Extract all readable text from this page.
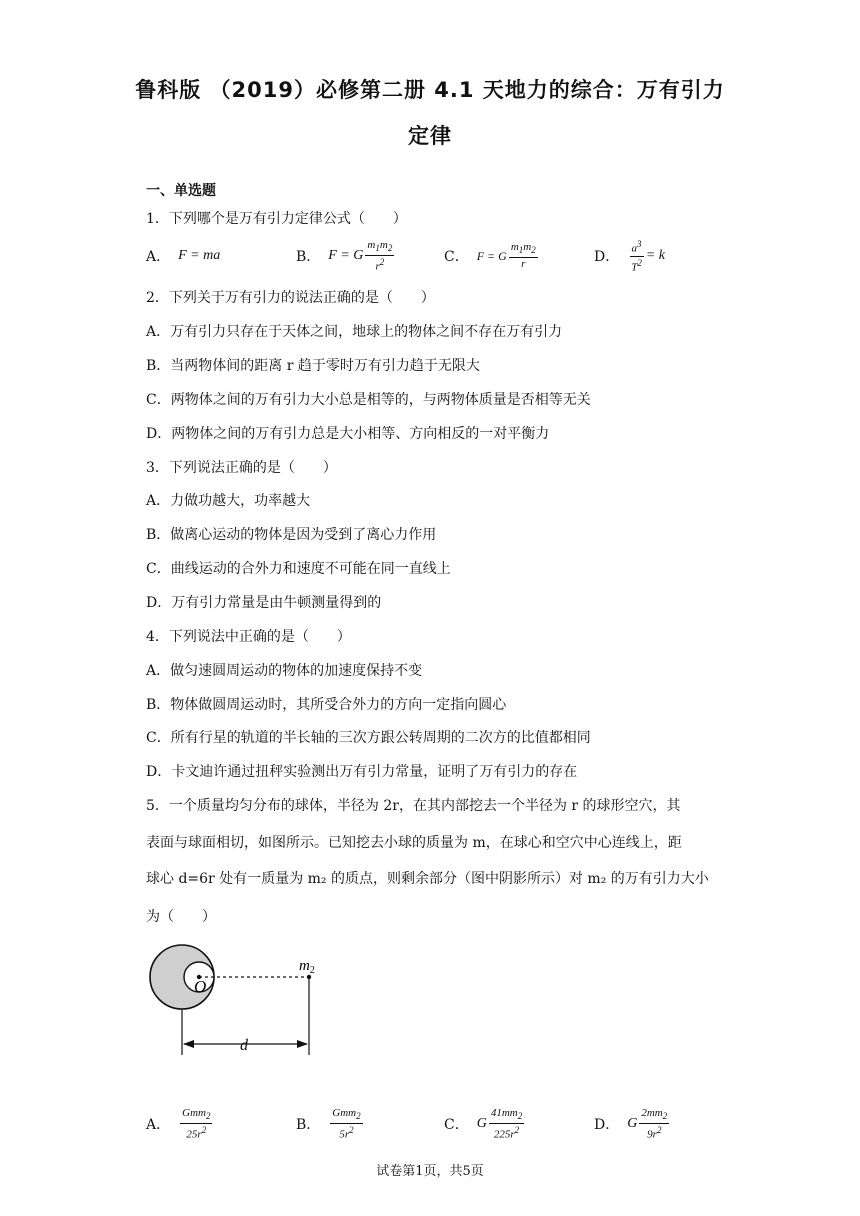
鲁科版 （2019）必修第二册 4.1 天地力的综合：万有引力
定律
一、单选题
1．下列哪个是万有引力定律公式（　　）
A． F = ma	B． F = G $\frac{m_1m_2}{r^2}$	C． F = G $\frac{m_1m_2}{r}$	D． $\frac{a^3}{T^2} = k$
2．下列关于万有引力的说法正确的是（　　）
A．万有引力只存在于天体之间，地球上的物体之间不存在万有引力
B．当两物体间的距离 r 趋于零时万有引力趋于无限大
C．两物体之间的万有引力大小总是相等的，与两物体质量是否相等无关
D．两物体之间的万有引力总是大小相等、方向相反的一对平衡力
3．下列说法正确的是（　　）
A．力做功越大，功率越大
B．做离心运动的物体是因为受到了离心力作用
C．曲线运动的合外力和速度不可能在同一直线上
D．万有引力常量是由牛顿测量得到的
4．下列说法中正确的是（　　）
A．做匀速圆周运动的物体的加速度保持不变
B．物体做圆周运动时，其所受合外力的方向一定指向圆心
C．所有行星的轨道的半长轴的三次方跟公转周期的二次方的比值都相同
D．卡文迪许通过扭秤实验测出万有引力常量，证明了万有引力的存在
5．一个质量均匀分布的球体，半径为 2r，在其内部挖去一个半径为 r 的球形空穴，其
表面与球面相切，如图所示。已知挖去小球的质量为 m，在球心和空穴中心连线上，距
球心 d=6r 处有一质量为 m₂ 的质点，则剩余部分（图中阴影所示）对 m₂ 的万有引力大小
为（　　）
O
$m_2$
d
A． $\frac{Gmm_2}{25r^2}$	B． $\frac{Gmm_2}{5r^2}$	C． G $\frac{41mm_2}{225r^2}$	D． G $\frac{2mm_2}{9r^2}$
试卷第1页，共5页
